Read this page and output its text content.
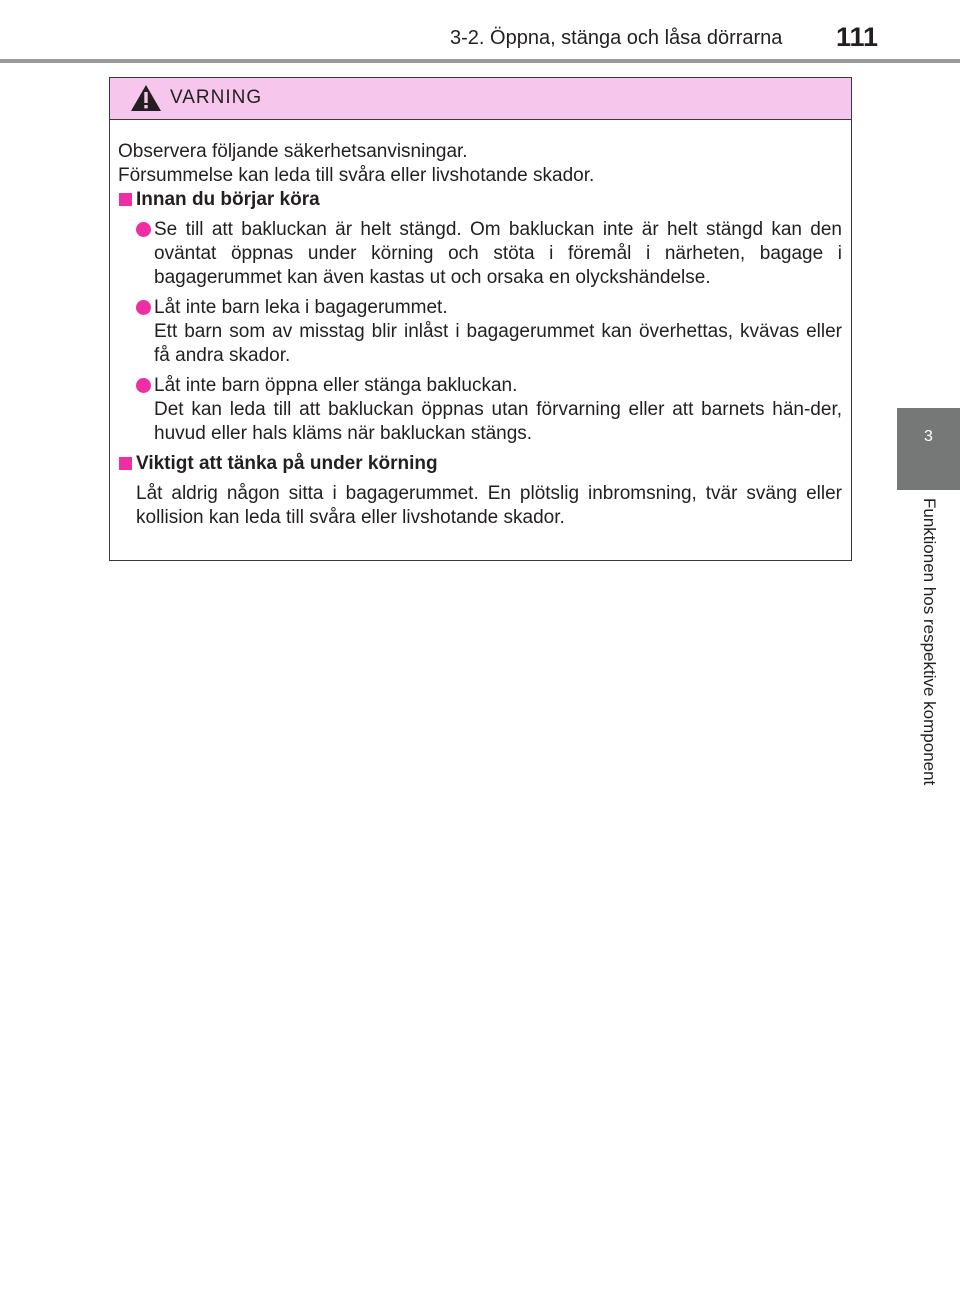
3-2. Öppna, stänga och låsa dörrarna 111
3
Funktionen hos respektive komponent
VARNING

Observera följande säkerhetsanvisningar.
Försummelse kan leda till svåra eller livshotande skador.

Innan du börjar köra
Se till att bakluckan är helt stängd. Om bakluckan inte är helt stängd kan den oväntat öppnas under körning och stöta i föremål i närheten, bagage i bagagerummet kan även kastas ut och orsaka en olyckshändelse.
Låt inte barn leka i bagagerummet.
Ett barn som av misstag blir inlåst i bagagerummet kan överhettas, kvävas eller få andra skador.
Låt inte barn öppna eller stänga bakluckan.
Det kan leda till att bakluckan öppnas utan förvarning eller att barnets hän-der, huvud eller hals kläms när bakluckan stängs.
Viktigt att tänka på under körning

Låt aldrig någon sitta i bagagerummet. En plötslig inbromsning, tvär sväng eller kollision kan leda till svåra eller livshotande skador.
